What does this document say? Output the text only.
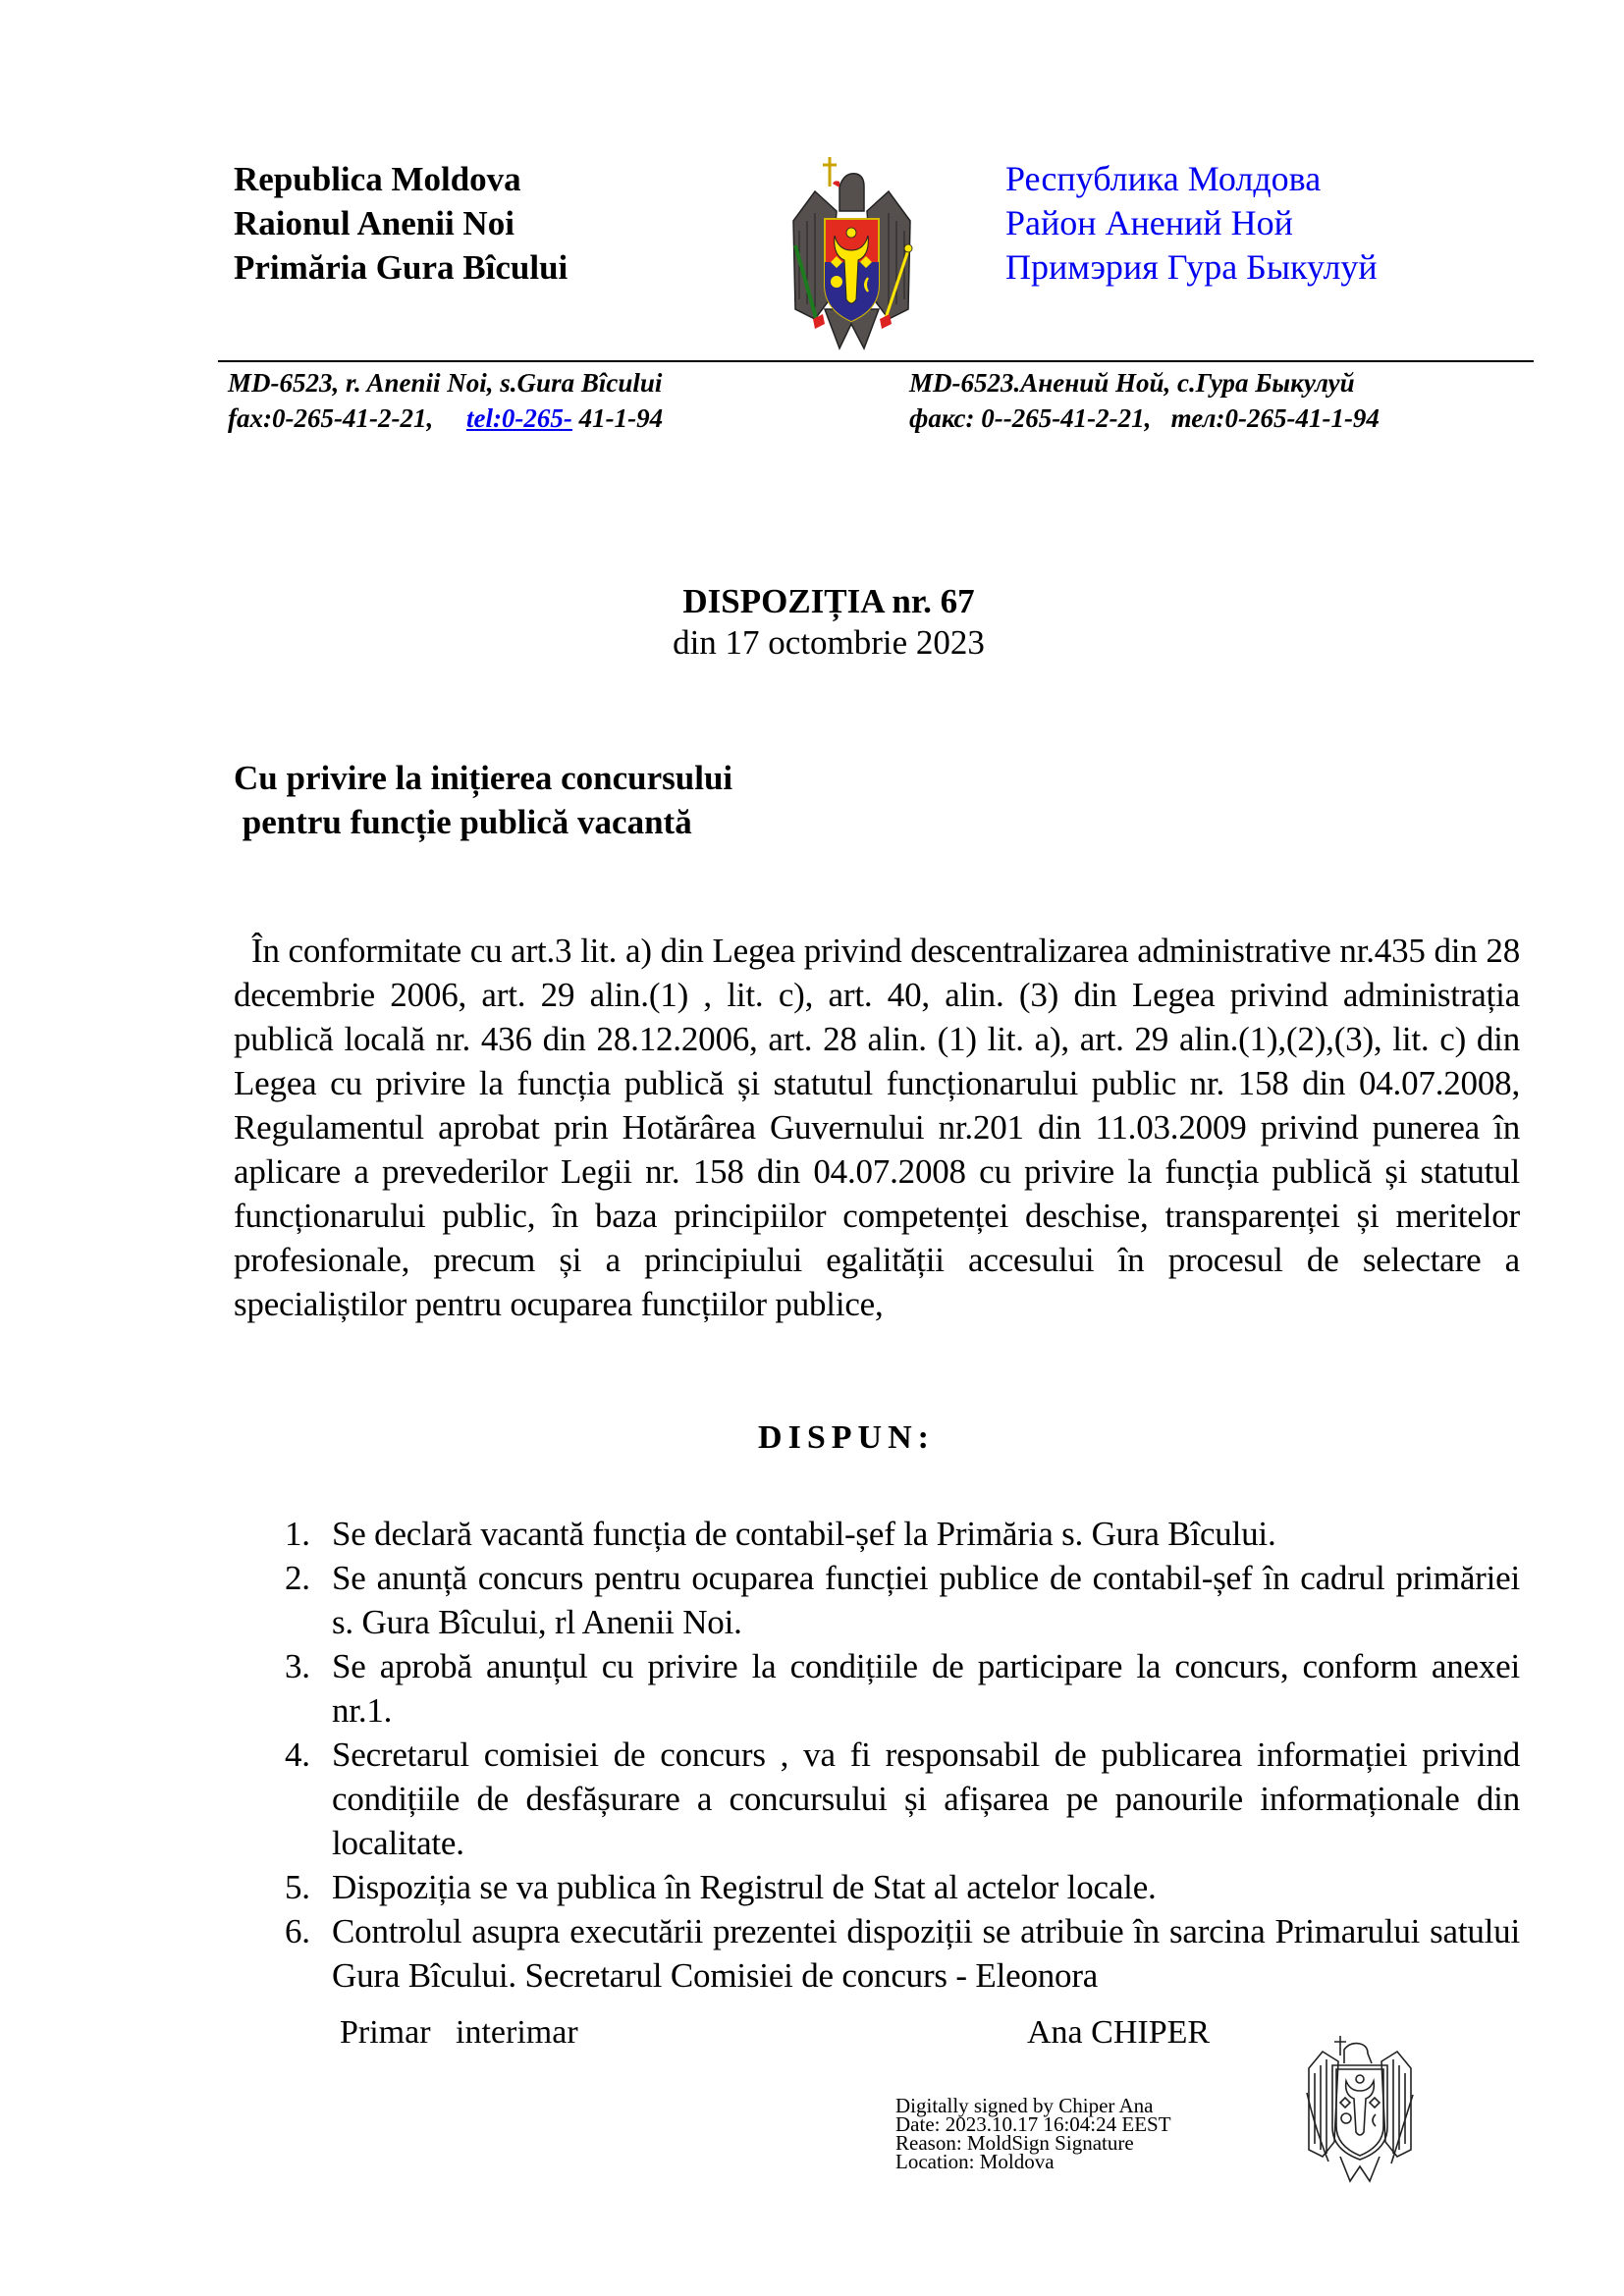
Republica Moldova
Raionul Anenii Noi
Primăria Gura Bîcului
Республика Молдова
Район Анений Ной
Примэрия Гура Быкулуй
MD-6523, r. Anenii Noi, s.Gura Bîcului
fax:0-265-41-2-21, tel:0-265- 41-1-94
MD-6523.Анений Ной, с.Гура Быкулуй
факс: 0--265-41-2-21,   тел:0-265-41-1-94
DISPOZIȚIA nr. 67
din 17 octombrie 2023
Cu privire la inițierea concursului
pentru funcție publică vacantă
În conformitate cu art.3 lit. a) din Legea privind descentralizarea administrative nr.435 din 28 decembrie 2006, art. 29 alin.(1) , lit. c), art. 40, alin. (3) din Legea privind administrația publică locală nr. 436 din 28.12.2006, art. 28 alin. (1) lit. a), art. 29 alin.(1),(2),(3), lit. c) din Legea cu privire la funcția publică și statutul funcționarului public nr. 158 din 04.07.2008, Regulamentul aprobat prin Hotărârea Guvernului nr.201 din 11.03.2009 privind punerea în aplicare a prevederilor Legii nr. 158 din 04.07.2008 cu privire la funcția publică și statutul funcționarului public, în baza principiilor competenței deschise, transparenței și meritelor profesionale, precum și a principiului egalității accesului în procesul de selectare a specialiștilor pentru ocuparea funcțiilor publice,
DISPUN:
1. Se declară vacantă funcția de contabil-șef la Primăria s. Gura Bîcului.
2. Se anunță concurs pentru ocuparea funcției publice de contabil-șef în cadrul primăriei s. Gura Bîcului, rl Anenii Noi.
3. Se aprobă anunțul cu privire la condițiile de participare la concurs, conform anexei nr.1.
4. Secretarul comisiei de concurs , va fi responsabil de publicarea informației privind condițiile de desfășurare a concursului și afișarea pe panourile informaționale din localitate.
5. Dispoziția se va publica în Registrul de Stat al actelor locale.
6. Controlul asupra executării prezentei dispoziții se atribuie în sarcina Primarului satului Gura Bîcului. Secretarul Comisiei de concurs - Eleonora
Primar   interimar	Ana CHIPER
Digitally signed by Chiper Ana
Date: 2023.10.17 16:04:24 EEST
Reason: MoldSign Signature
Location: Moldova
